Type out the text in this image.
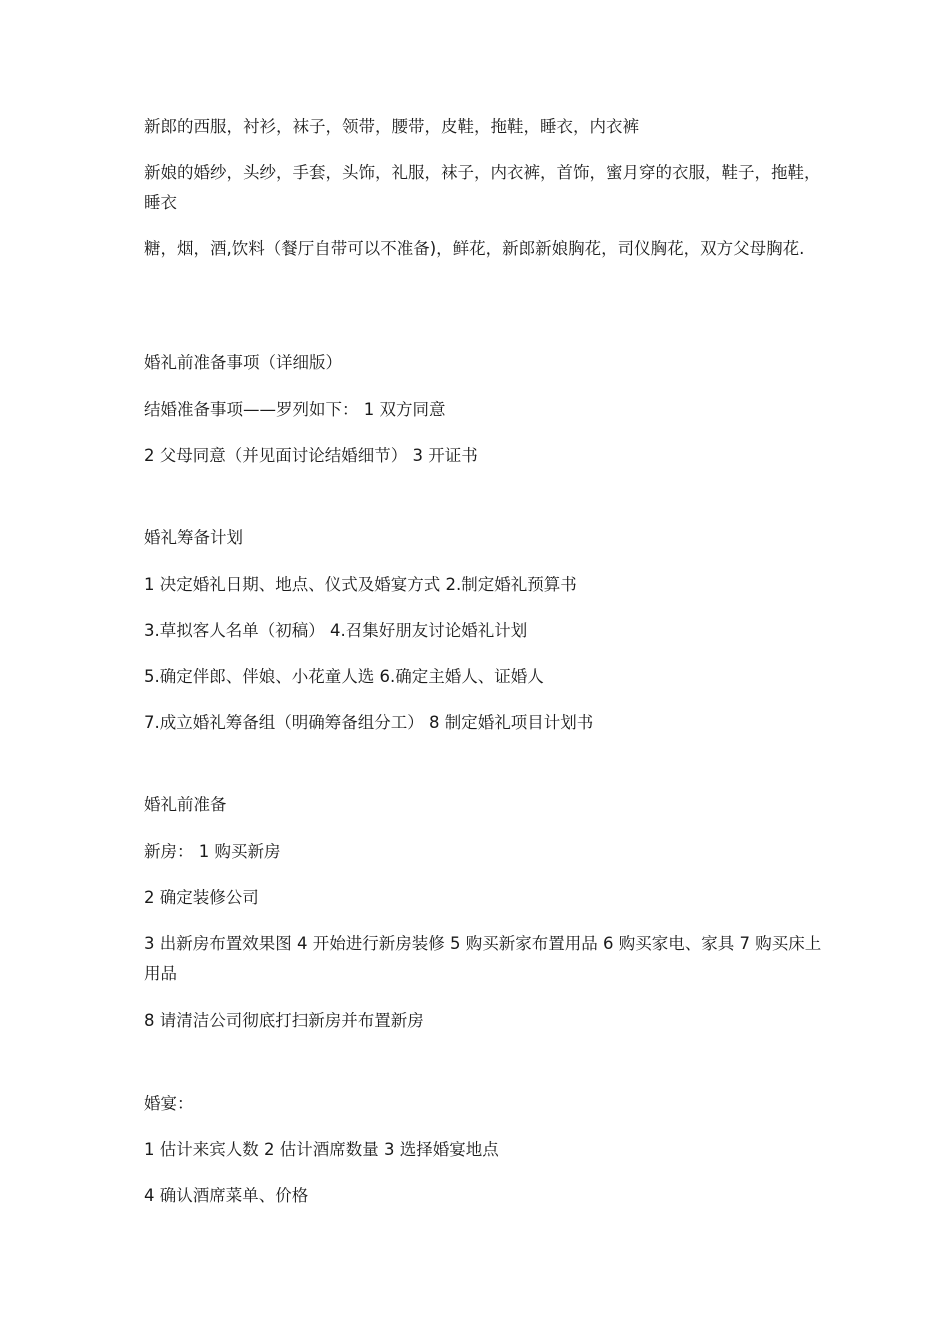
新郎的西服，衬衫，袜子，领带，腰带，皮鞋，拖鞋，睡衣，内衣裤

新娘的婚纱，头纱，手套，头饰，礼服，袜子，内衣裤，首饰，蜜月穿的衣服，鞋子，拖鞋，睡衣

糖，烟，酒,饮料（餐厅自带可以不准备)，鲜花，新郎新娘胸花，司仪胸花，双方父母胸花.

婚礼前准备事项（详细版）

结婚准备事项——罗列如下： 1 双方同意

2 父母同意（并见面讨论结婚细节） 3 开证书

婚礼筹备计划

1 决定婚礼日期、地点、仪式及婚宴方式 2.制定婚礼预算书

3.草拟客人名单（初稿） 4.召集好朋友讨论婚礼计划

5.确定伴郎、伴娘、小花童人选 6.确定主婚人、证婚人

7.成立婚礼筹备组（明确筹备组分工） 8 制定婚礼项目计划书

婚礼前准备

新房： 1 购买新房

2 确定装修公司

3 出新房布置效果图 4 开始进行新房装修 5 购买新家布置用品 6 购买家电、家具 7 购买床上用品

8 请清洁公司彻底打扫新房并布置新房

婚宴：

1 估计来宾人数 2 估计酒席数量 3 选择婚宴地点

4 确认酒席菜单、价格
